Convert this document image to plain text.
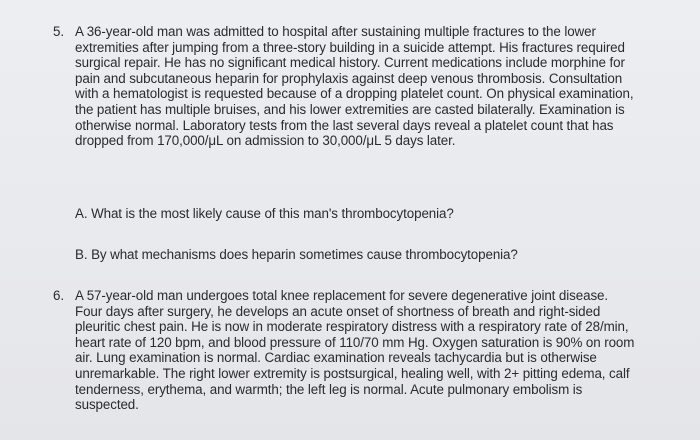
5. A 36-year-old man was admitted to hospital after sustaining multiple fractures to the lower extremities after jumping from a three-story building in a suicide attempt. His fractures required surgical repair. He has no significant medical history. Current medications include morphine for pain and subcutaneous heparin for prophylaxis against deep venous thrombosis. Consultation with a hematologist is requested because of a dropping platelet count. On physical examination, the patient has multiple bruises, and his lower extremities are casted bilaterally. Examination is otherwise normal. Laboratory tests from the last several days reveal a platelet count that has dropped from 170,000/μL on admission to 30,000/μL 5 days later.

A. What is the most likely cause of this man's thrombocytopenia?

B. By what mechanisms does heparin sometimes cause thrombocytopenia?

6. A 57-year-old man undergoes total knee replacement for severe degenerative joint disease. Four days after surgery, he develops an acute onset of shortness of breath and right-sided pleuritic chest pain. He is now in moderate respiratory distress with a respiratory rate of 28/min, heart rate of 120 bpm, and blood pressure of 110/70 mm Hg. Oxygen saturation is 90% on room air. Lung examination is normal. Cardiac examination reveals tachycardia but is otherwise unremarkable. The right lower extremity is postsurgical, healing well, with 2+ pitting edema, calf tenderness, erythema, and warmth; the left leg is normal. Acute pulmonary embolism is suspected.
